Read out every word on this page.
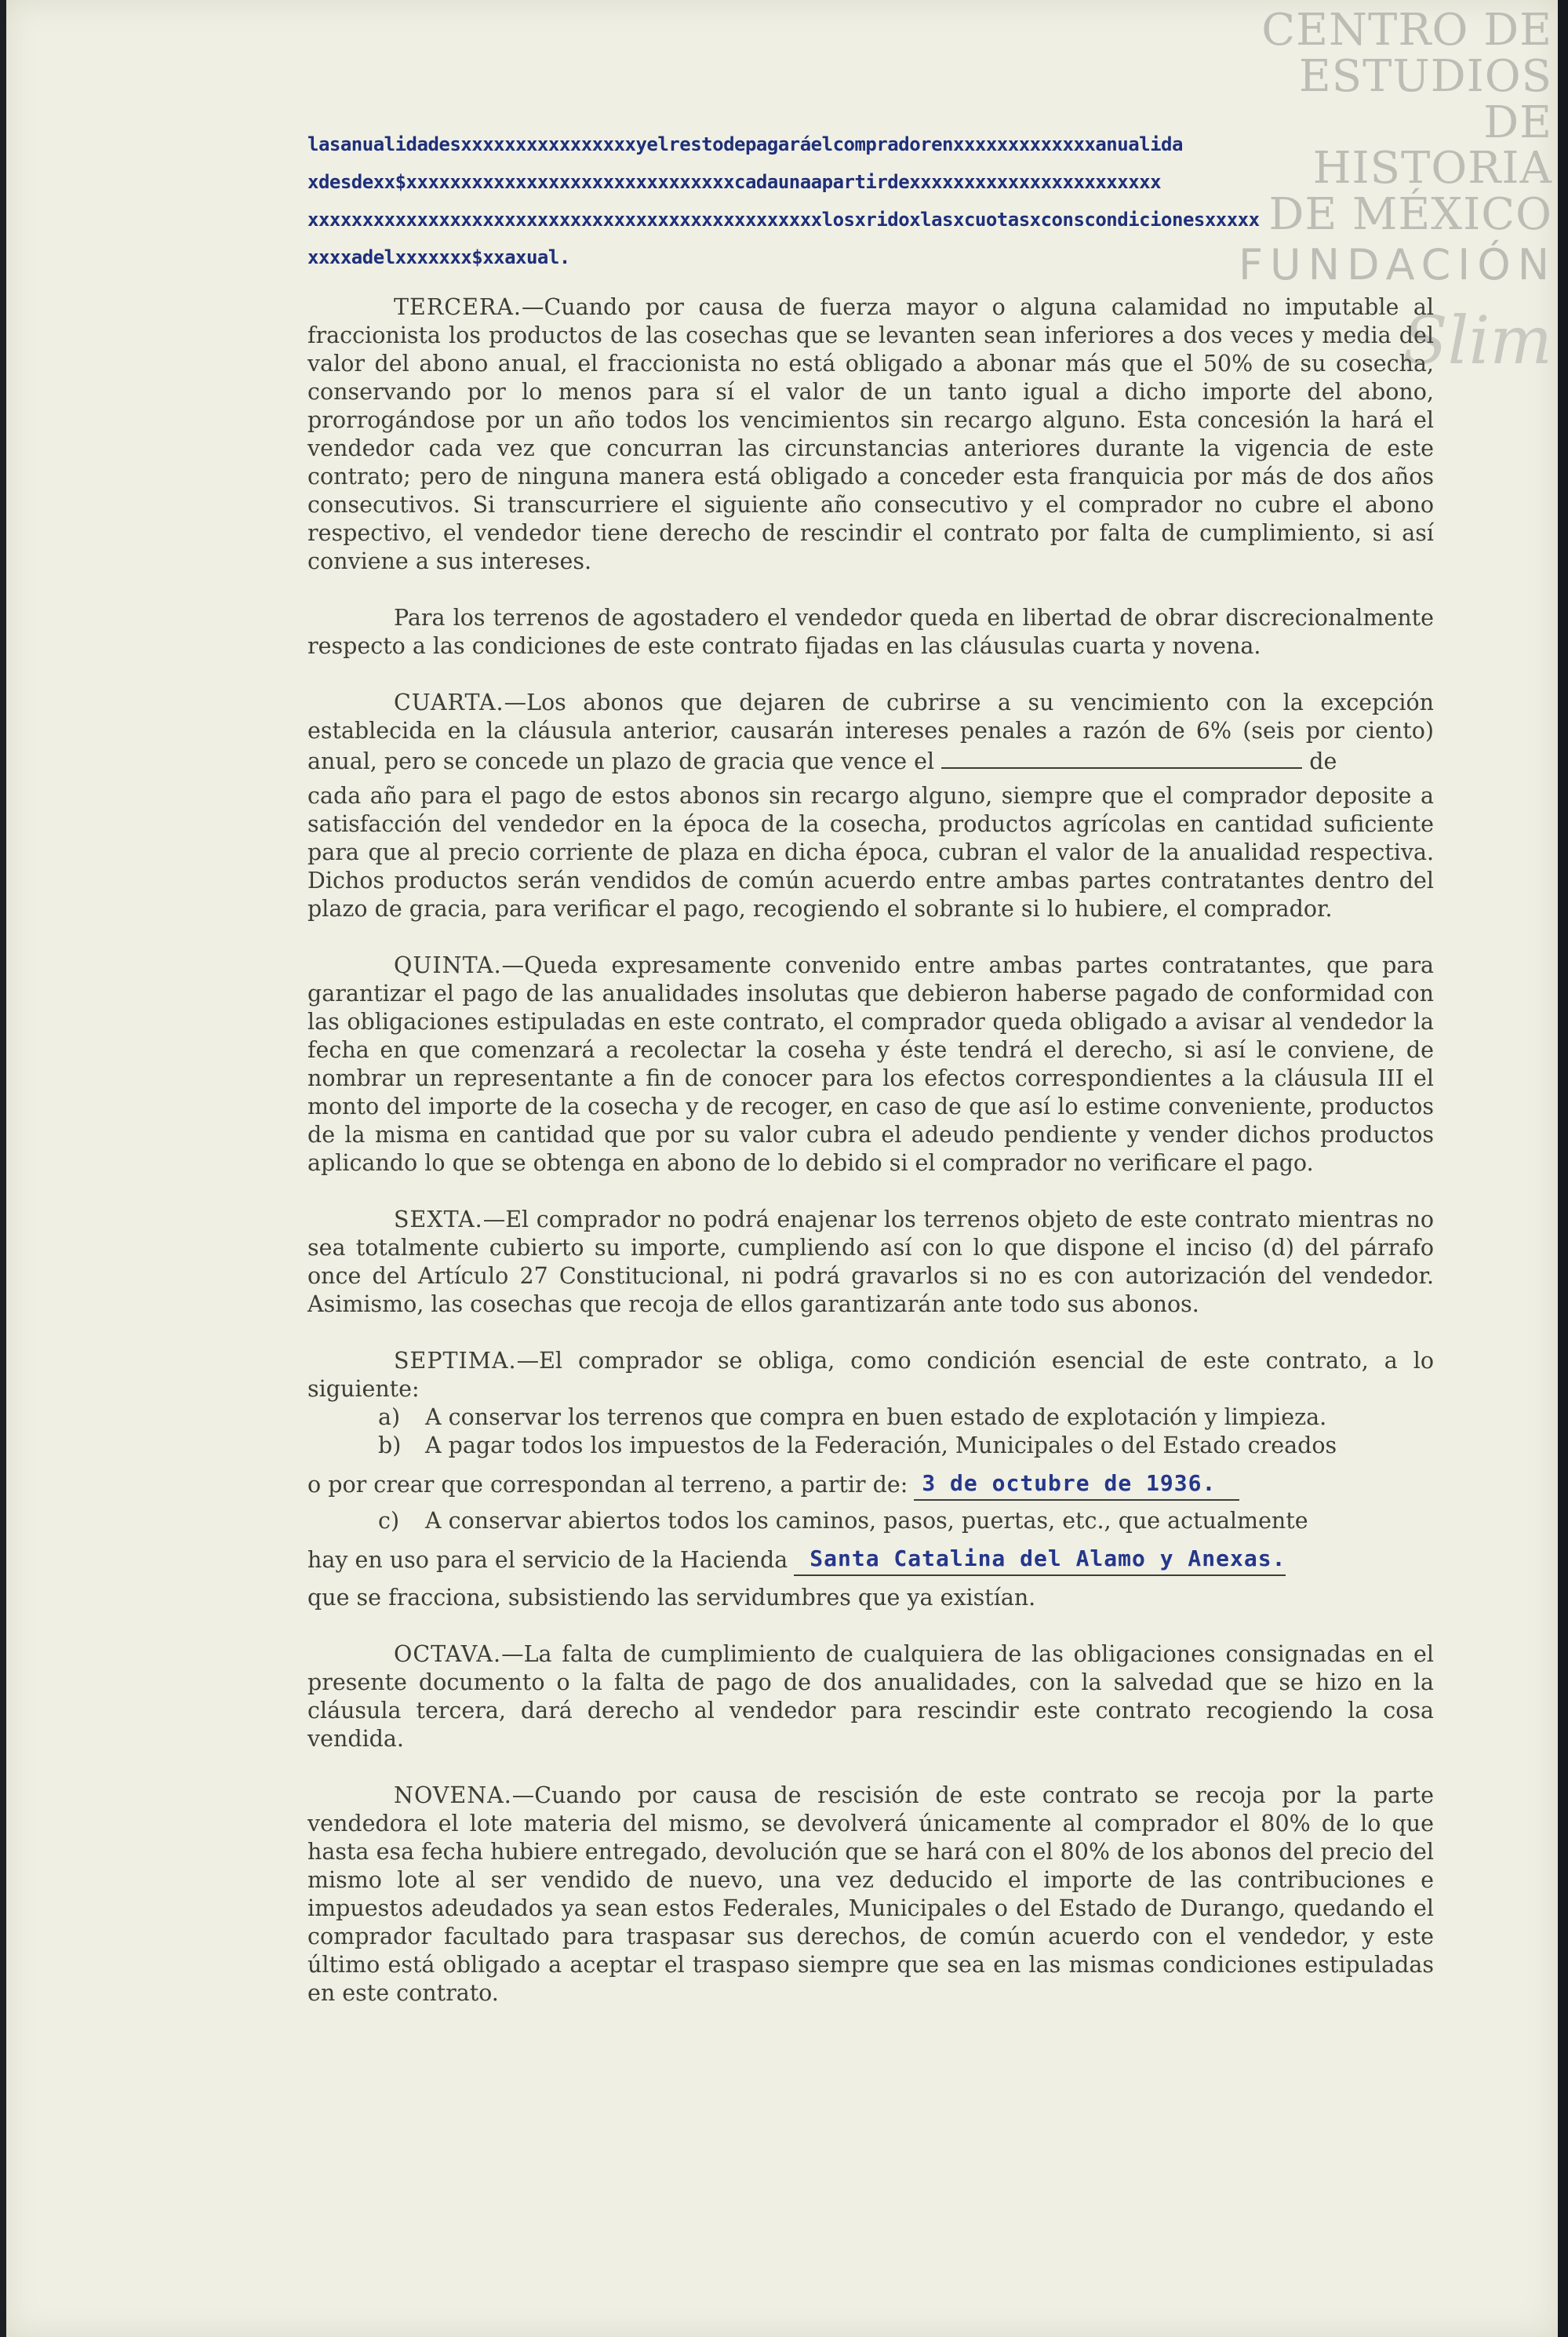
CENTRO DE
ESTUDIOS
DE HISTORIA
DE MÉXICO
FUNDACIÓN
Slim
lasanualidadesxxxxxxxxxxxxxxxxyelrestodepagaráelcompradorenxxxxxxxxxxxxxanualida
xdesdexx$xxxxxxxxxxxxxxxxxxxxxxxxxxxxxxcadaunaapartirdexxxxxxxxxxxxxxxxxxxxxxx
xxxxxxxxxxxxxxxxxxxxxxxxxxxxxxxxxxxxxxxxxxxxxxxlosxridoxlasxcuotasxconscondicionesxxxxx
xxxxadelxxxxxxx$xxaxual.

TERCERA.—Cuando por causa de fuerza mayor o alguna calamidad no imputable al fraccionista los productos de las cosechas que se levanten sean inferiores a dos veces y media del valor del abono anual, el fraccionista no está obligado a abonar más que el 50% de su cosecha, conservando por lo menos para sí el valor de un tanto igual a dicho importe del abono, prorrogándose por un año todos los vencimientos sin recargo alguno. Esta concesión la hará el vendedor cada vez que concurran las circunstancias anteriores durante la vigencia de este contrato; pero de ninguna manera está obligado a conceder esta franquicia por más de dos años consecutivos. Si transcurriere el siguiente año consecutivo y el comprador no cubre el abono respectivo, el vendedor tiene derecho de rescindir el contrato por falta de cumplimiento, si así conviene a sus intereses.

Para los terrenos de agostadero el vendedor queda en libertad de obrar discrecionalmente respecto a las condiciones de este contrato fijadas en las cláusulas cuarta y novena.

CUARTA.—Los abonos que dejaren de cubrirse a su vencimiento con la excepción establecida en la cláusula anterior, causarán intereses penales a razón de 6% (seis por ciento) anual, pero se concede un plazo de gracia que vence el	de

cada año para el pago de estos abonos sin recargo alguno, siempre que el comprador deposite a satisfacción del vendedor en la época de la cosecha, productos agrícolas en cantidad suficiente para que al precio corriente de plaza en dicha época, cubran el valor de la anualidad respectiva. Dichos productos serán vendidos de común acuerdo entre ambas partes contratantes dentro del plazo de gracia, para verificar el pago, recogiendo el sobrante si lo hubiere, el comprador.

QUINTA.—Queda expresamente convenido entre ambas partes contratantes, que para garantizar el pago de las anualidades insolutas que debieron haberse pagado de conformidad con las obligaciones estipuladas en este contrato, el comprador queda obligado a avisar al vendedor la fecha en que comenzará a recolectar la coseha y éste tendrá el derecho, si así le conviene, de nombrar un representante a fin de conocer para los efectos correspondientes a la cláusula III el monto del importe de la cosecha y de recoger, en caso de que así lo estime conveniente, productos de la misma en cantidad que por su valor cubra el adeudo pendiente y vender dichos productos aplicando lo que se obtenga en abono de lo debido si el comprador no verificare el pago.

SEXTA.—El comprador no podrá enajenar los terrenos objeto de este contrato mientras no sea totalmente cubierto su importe, cumpliendo así con lo que dispone el inciso (d) del párrafo once del Artículo 27 Constitucional, ni podrá gravarlos si no es con autorización del vendedor. Asimismo, las cosechas que recoja de ellos garantizarán ante todo sus abonos.

SEPTIMA.—El comprador se obliga, como condición esencial de este contrato, a lo siguiente:

a) A conservar los terrenos que compra en buen estado de explotación y limpieza.

b) A pagar todos los impuestos de la Federación, Municipales o del Estado creados

o por crear que correspondan al terreno, a partir de: 3 de octubre de 1936.

c) A conservar abiertos todos los caminos, pasos, puertas, etc., que actualmente

hay en uso para el servicio de la Hacienda	Santa Catalina del Alamo y Anexas.

que se fracciona, subsistiendo las servidumbres que ya existían.

OCTAVA.—La falta de cumplimiento de cualquiera de las obligaciones consignadas en el presente documento o la falta de pago de dos anualidades, con la salvedad que se hizo en la cláusula tercera, dará derecho al vendedor para rescindir este contrato recogiendo la cosa vendida.

NOVENA.—Cuando por causa de rescisión de este contrato se recoja por la parte vendedora el lote materia del mismo, se devolverá únicamente al comprador el 80% de lo que hasta esa fecha hubiere entregado, devolución que se hará con el 80% de los abonos del precio del mismo lote al ser vendido de nuevo, una vez deducido el importe de las contribuciones e impuestos adeudados ya sean estos Federales, Municipales o del Estado de Durango, quedando el comprador facultado para traspasar sus derechos, de común acuerdo con el vendedor, y este último está obligado a aceptar el traspaso siempre que sea en las mismas condiciones estipuladas en este contrato.
